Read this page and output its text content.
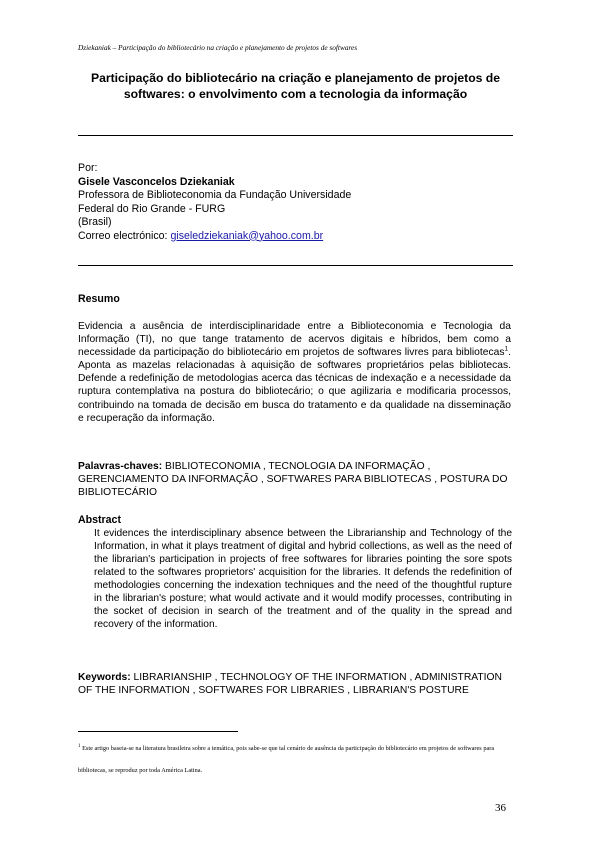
Dziekaniak – Participação do bibliotecário na criação e planejamento de projetos de softwares
Participação do bibliotecário na criação e planejamento de projetos de softwares: o envolvimento com a tecnologia da informação
Por:
Gisele Vasconcelos Dziekaniak
Professora de Biblioteconomia da Fundação Universidade
Federal do Rio Grande - FURG
(Brasil)
Correo electrónico: giseledziekaniak@yahoo.com.br
Resumo
Evidencia a ausência de interdisciplinaridade entre a Biblioteconomia e Tecnologia da Informação (TI), no que tange tratamento de acervos digitais e híbridos, bem como a necessidade da participação do bibliotecário em projetos de softwares livres para bibliotecas$^1$. Aponta as mazelas relacionadas à aquisição de softwares proprietários pelas bibliotecas. Defende a redefinição de metodologias acerca das técnicas de indexação e a necessidade da ruptura contemplativa na postura do bibliotecário; o que agilizaria e modificaria processos, contribuindo na tomada de decisão em busca do tratamento e da qualidade na disseminação e recuperação da informação.
Palavras-chaves: BIBLIOTECONOMIA , TECNOLOGIA DA INFORMAÇÃO , GERENCIAMENTO DA INFORMAÇÃO , SOFTWARES PARA BIBLIOTECAS , POSTURA DO BIBLIOTECÁRIO
Abstract
It evidences the interdisciplinary absence between the Librarianship and Technology of the Information, in what it plays treatment of digital and hybrid collections, as well as the need of the librarian's participation in projects of free softwares for libraries pointing the sore spots related to the softwares proprietors' acquisition for the libraries. It defends the redefinition of methodologies concerning the indexation techniques and the need of the thoughtful rupture in the librarian's posture; what would activate and it would modify processes, contributing in the socket of decision in search of the treatment and of the quality in the spread and recovery of the information.
Keywords: LIBRARIANSHIP , TECHNOLOGY OF THE INFORMATION , ADMINISTRATION OF THE INFORMATION , SOFTWARES FOR LIBRARIES , LIBRARIAN'S POSTURE
$^1$ Este artigo baseia-se na literatura brasileira sobre a temática, pois sabe-se que tal cenário de ausência da participação do bibliotecário em projetos de softwares para bibliotecas, se reproduz por toda América Latina.
36
